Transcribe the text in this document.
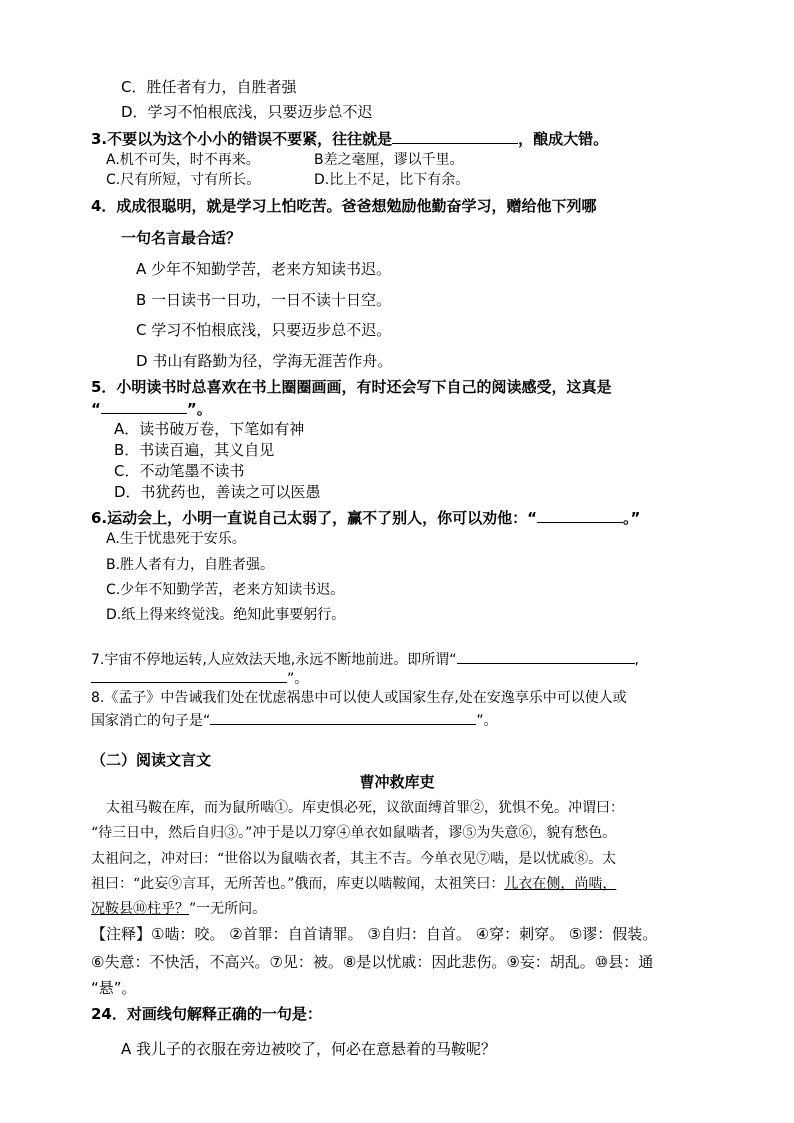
C．胜任者有力，自胜者强
D．学习不怕根底浅，只要迈步总不迟
3.不要以为这个小小的错误不要紧，往往就是	，酿成大错。
A.机不可失，时不再来。	B差之毫厘，谬以千里。
C.尺有所短，寸有所长。	D.比上不足，比下有余。
4．成成很聪明，就是学习上怕吃苦。爸爸想勉励他勤奋学习，赠给他下列哪
一句名言最合适？
A 少年不知勤学苦，老来方知读书迟。
B 一日读书一日功，一日不读十日空。
C 学习不怕根底浅，只要迈步总不迟。
D 书山有路勤为径，学海无涯苦作舟。
5．小明读书时总喜欢在书上圈圈画画，有时还会写下自己的阅读感受，这真是
“	”。
A．读书破万卷，下笔如有神
B．书读百遍，其义自见
C．不动笔墨不读书
D．书犹药也，善读之可以医愚
6.运动会上，小明一直说自己太弱了，赢不了别人，你可以劝他：“	。”
A.生于忧患死于安乐。
B.胜人者有力，自胜者强。
C.少年不知勤学苦，老来方知读书迟。
D.纸上得来终觉浅。绝知此事要躬行。
7.宇宙不停地运转,人应效法天地,永远不断地前进。即所谓“	,
”。
8.《孟子》中告诫我们处在忧虑祸患中可以使人或国家生存,处在安逸享乐中可以使人或
国家消亡的句子是“	”。
（二）阅读文言文
曹冲救库吏
太祖马鞍在库，而为鼠所啮①。库吏惧必死，议欲面缚首罪②，犹惧不免。冲谓曰：
“待三日中，然后自归③。”冲于是以刀穿④单衣如鼠啮者，谬⑤为失意⑥，貌有愁色。
太祖问之，冲对曰：“世俗以为鼠啮衣者，其主不吉。今单衣见⑦啮，是以忧戚⑧。太
祖曰：“此妄⑨言耳，无所苦也。”俄而，库吏以啮鞍闻，太祖笑曰：儿衣在侧，尚啮，
况鞍县⑩柱乎？”一无所问。
【注释】①啮：咬。 ②首罪：自首请罪。 ③自归：自首。 ④穿：刺穿。 ⑤谬：假装。
⑥失意：不快活，不高兴。⑦见：被。⑧是以忧戚：因此悲伤。⑨妄：胡乱。⑩县：通
“悬”。
24．对画线句解释正确的一句是：
A 我儿子的衣服在旁边被咬了，何必在意悬着的马鞍呢？
